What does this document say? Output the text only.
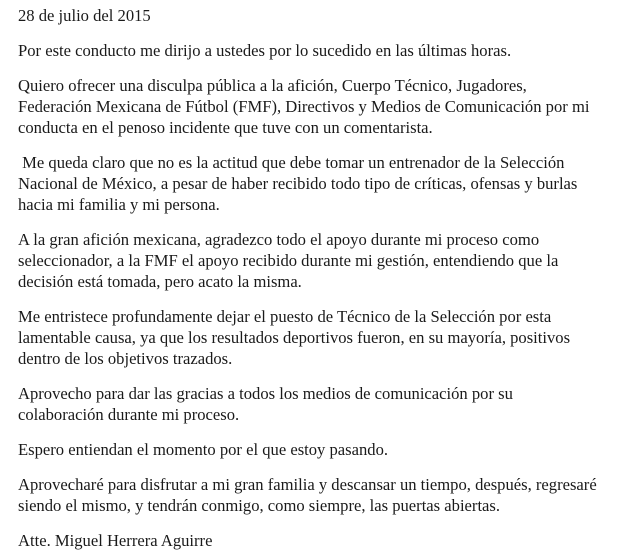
28 de julio del 2015

Por este conducto me dirijo a ustedes por lo sucedido en las últimas horas.

Quiero ofrecer una disculpa pública a la afición, Cuerpo Técnico, Jugadores,
Federación Mexicana de Fútbol (FMF), Directivos y Medios de Comunicación por mi
conducta en el penoso incidente que tuve con un comentarista.

Me queda claro que no es la actitud que debe tomar un entrenador de la Selección
Nacional de México, a pesar de haber recibido todo tipo de críticas, ofensas y burlas
hacia mi familia y mi persona.

A la gran afición mexicana, agradezco todo el apoyo durante mi proceso como
seleccionador, a la FMF el apoyo recibido durante mi gestión, entendiendo que la
decisión está tomada, pero acato la misma.

Me entristece profundamente dejar el puesto de Técnico de la Selección por esta
lamentable causa, ya que los resultados deportivos fueron, en su mayoría, positivos
dentro de los objetivos trazados.

Aprovecho para dar las gracias a todos los medios de comunicación por su
colaboración durante mi proceso.

Espero entiendan el momento por el que estoy pasando.

Aprovecharé para disfrutar a mi gran familia y descansar un tiempo, después, regresaré
siendo el mismo, y tendrán conmigo, como siempre, las puertas abiertas.

Atte. Miguel Herrera Aguirre
